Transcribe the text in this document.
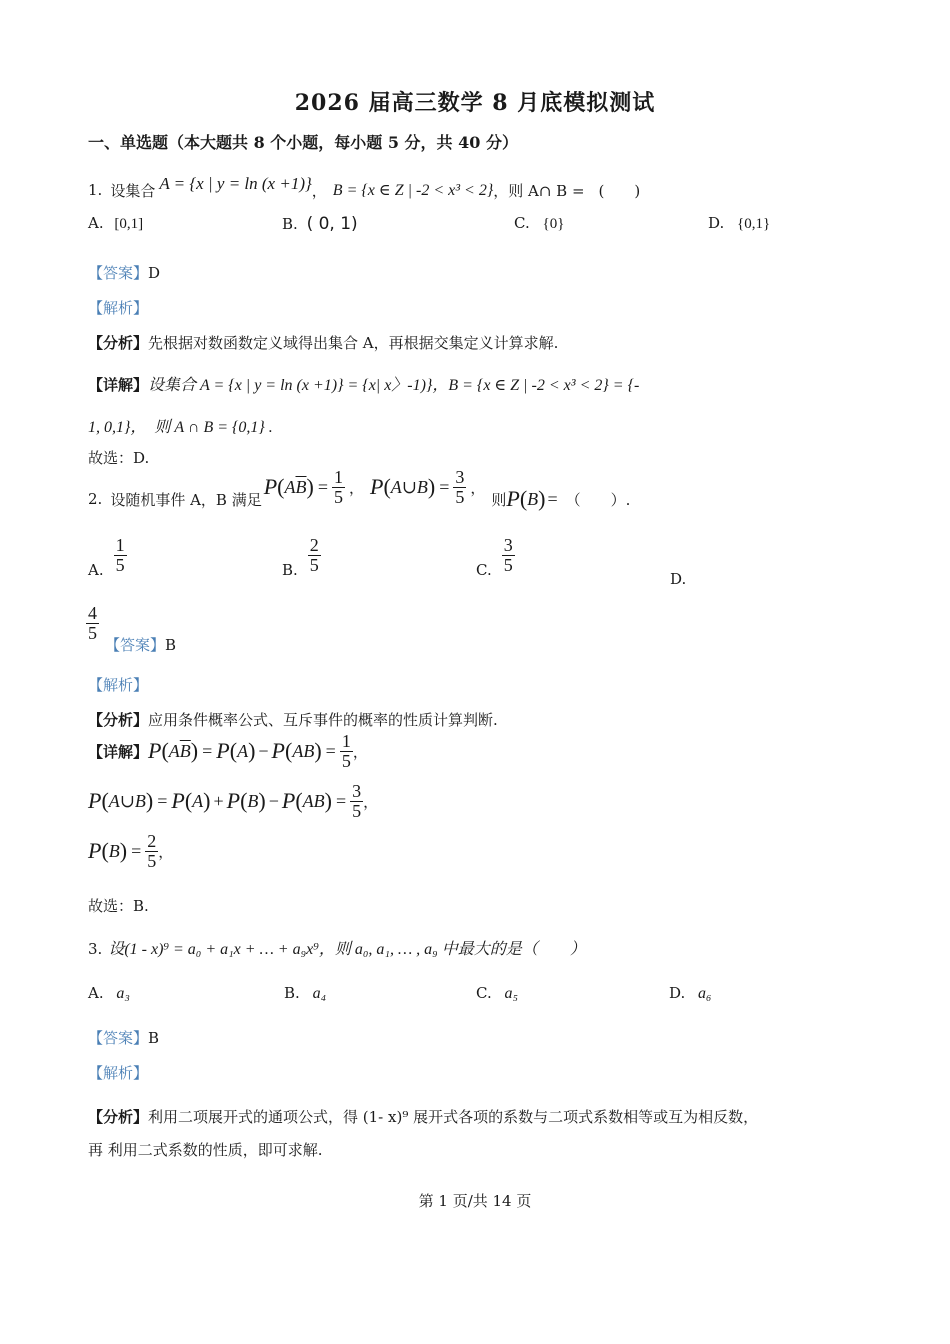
2026 届高三数学 8 月底模拟测试
一、单选题（本大题共 8 个小题，每小题 5 分，共 40 分）
1. 设集合 A = {x | y = ln (x +1)} ， B = {x ∈ Z | -2 < x³ < 2} ，则 A∩ B = (　　)
A. [0,1]	B. ( 0, 1)	C. {0}	D. {0,1}
【答案】D
【解析】
【分析】先根据对数函数定义域得出集合 A，再根据交集定义计算求解.
【详解】设集合 A = {x | y = ln (x +1)} = {x| x〉-1)}，B = {x ∈ Z | -2 < x³ < 2} = {-
1, 0,1}，　则 A ∩ B = {0,1} .
故选：D.
2. 设随机事件 A，B 满足
P ( A $\overline{B}$ ) = $\frac{1}{5}$ ， P ( A ∪ B ) = $\frac{3}{5}$ ，
则 P ( B ) = （　　）.
A. $\frac{1}{5}$	B. $\frac{2}{5}$	C. $\frac{3}{5}$
D.
$\frac{4}{5}$
【答案】B
【解析】
【分析】应用条件概率公式、互斥事件的概率的性质计算判断.
【详解】 P ( A $\overline{B}$ ) = P ( A ) − P ( AB ) = $\frac{1}{5}$ ，
P ( A ∪ B ) = P ( A ) + P ( B ) − P ( AB ) = $\frac{3}{5}$ ，
P ( B ) = $\frac{2}{5}$ ，
故选：B.
3. 设(1 - x)⁹ = a₀ + a₁x + … + a₉x⁹，则 a₀, a₁, … , a₉ 中最大的是（　　）
A. a₃	B. a₄	C. a₅	D. a₆
【答案】B
【解析】
【分析】利用二项展开式的通项公式，得 (1- x)⁹ 展开式各项的系数与二项式系数相等或互为相反数，
再 利用二式系数的性质，即可求解.
第 1 页/共 14 页
